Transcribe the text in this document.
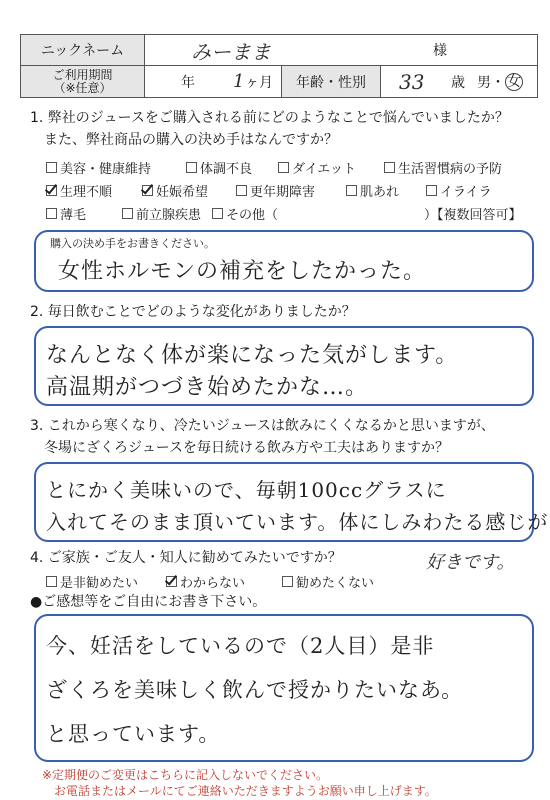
ニックネーム	みーまま	様
ご利用期間
（※任意）	年 1 ヶ月	年齢・性別	33 歳 男 ・ 女
1. 弊社のジュースをご購入される前にどのようなことで悩んでいましたか？
また、弊社商品の購入の決め手はなんですか？
美容・健康維持	体調不良	ダイエット	生活習慣病の予防
生理不順	妊娠希望	更年期障害	肌あれ	イライラ
薄毛	前立腺疾患	その他（	）【複数回答可】
購入の決め手をお書きください。
女性ホルモンの補充をしたかった。
2. 毎日飲むことでどのような変化がありましたか？
なんとなく体が楽になった気がします。
高温期がつづき始めたかな…。
3. これから寒くなり、冷たいジュースは飲みにくくなるかと思いますが、
冬場にざくろジュースを毎日続ける飲み方や工夫はありますか？
とにかく美味いので、毎朝100ccグラスに
入れてそのまま頂いています。体にしみわたる感じが
4. ご家族・ご友人・知人に勧めてみたいですか？	好きです。
是非勧めたい	わからない	勧めたくない
●ご感想等をご自由にお書き下さい。
今、妊活をしているので（2人目）是非
ざくろを美味しく飲んで授かりたいなあ。
と思っています。
※定期便のご変更はこちらに記入しないでください。
お電話またはメールにてご連絡いただきますようお願い申し上げます。
